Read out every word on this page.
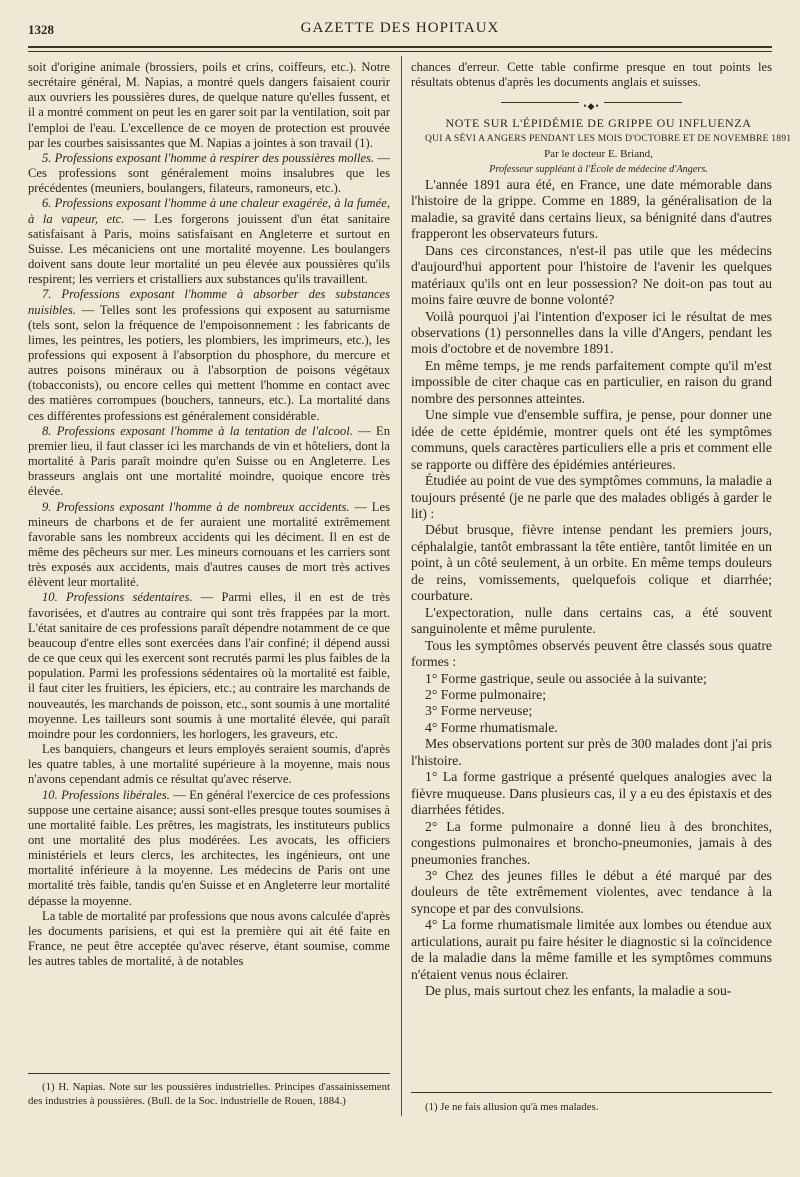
1328	GAZETTE DES HOPITAUX

soit d'origine animale (brossiers, poils et crins, coiffeurs, etc.). Notre secrétaire général, M. Napias, a montré quels dangers faisaient courir aux ouvriers les poussières dures, de quelque nature qu'elles fussent, et il a montré comment on peut les en garer soit par la ventilation, soit par l'emploi de l'eau. L'excellence de ce moyen de protection est prouvée par les courbes saisissantes que M. Napias a jointes à son travail (1).

5. Professions exposant l'homme à respirer des poussières molles. — Ces professions sont généralement moins insalubres que les précédentes (meuniers, boulangers, filateurs, ramoneurs, etc.).

6. Professions exposant l'homme à une chaleur exagérée, à la fumée, à la vapeur, etc. — Les forgerons jouissent d'un état sanitaire satisfaisant à Paris, moins satisfaisant en Angleterre et surtout en Suisse. Les mécaniciens ont une mortalité moyenne. Les boulangers doivent sans doute leur mortalité un peu élevée aux poussières qu'ils respirent; les verriers et cristalliers aux substances qu'ils travaillent.

7. Professions exposant l'homme à absorber des substances nuisibles. — Telles sont les professions qui exposent au saturnisme (tels sont, selon la fréquence de l'empoisonnement : les fabricants de limes, les peintres, les potiers, les plombiers, les imprimeurs, etc.), les professions qui exposent à l'absorption du phosphore, du mercure et autres poisons minéraux ou à l'absorption de poisons végétaux (tobacconists), ou encore celles qui mettent l'homme en contact avec des matières corrompues (bouchers, tanneurs, etc.). La mortalité dans ces différentes professions est généralement considérable.

8. Professions exposant l'homme à la tentation de l'alcool. — En premier lieu, il faut classer ici les marchands de vin et hôteliers, dont la mortalité à Paris paraît moindre qu'en Suisse ou en Angleterre. Les brasseurs anglais ont une mortalité moindre, quoique encore très élevée.

9. Professions exposant l'homme à de nombreux accidents. — Les mineurs de charbons et de fer auraient une mortalité extrêmement favorable sans les nombreux accidents qui les déciment. Il en est de même des pêcheurs sur mer. Les mineurs cornouans et les carriers sont très exposés aux accidents, mais d'autres causes de mort très actives élèvent leur mortalité.

10. Professions sédentaires. — Parmi elles, il en est de très favorisées, et d'autres au contraire qui sont très frappées par la mort. L'état sanitaire de ces professions paraît dépendre notamment de ce que beaucoup d'entre elles sont exercées dans l'air confiné; il dépend aussi de ce que ceux qui les exercent sont recrutés parmi les plus faibles de la population. Parmi les professions sédentaires où la mortalité est faible, il faut citer les fruitiers, les épiciers, etc.; au contraire les marchands de nouveautés, les marchands de poisson, etc., sont soumis à une mortalité moyenne. Les tailleurs sont soumis à une mortalité élevée, qui paraît moindre pour les cordonniers, les horlogers, les graveurs, etc.

Les banquiers, changeurs et leurs employés seraient soumis, d'après les quatre tables, à une mortalité supérieure à la moyenne, mais nous n'avons cependant admis ce résultat qu'avec réserve.

10. Professions libérales. — En général l'exercice de ces professions suppose une certaine aisance; aussi sont-elles presque toutes soumises à une mortalité faible. Les prêtres, les magistrats, les instituteurs publics ont une mortalité des plus modérées. Les avocats, les officiers ministériels et leurs clercs, les architectes, les ingénieurs, ont une mortalité inférieure à la moyenne. Les médecins de Paris ont une mortalité très faible, tandis qu'en Suisse et en Angleterre leur mortalité dépasse la moyenne.

La table de mortalité par professions que nous avons calculée d'après les documents parisiens, et qui est la première qui ait été faite en France, ne peut être acceptée qu'avec réserve, étant soumise, comme les autres tables de mortalité, à de notables

(1) H. Napias. Note sur les poussières industrielles. Principes d'assainissement des industries à poussières. (Bull. de la Soc. industrielle de Rouen, 1884.)

chances d'erreur. Cette table confirme presque en tout points les résultats obtenus d'après les documents anglais et suisses.

•◆•

NOTE SUR L'ÉPIDÉMIE DE GRIPPE OU INFLUENZA

QUI A SÉVI A ANGERS PENDANT LES MOIS D'OCTOBRE ET DE NOVEMBRE 1891

Par le docteur E. Briand,

Professeur suppléant à l'École de médecine d'Angers.

L'année 1891 aura été, en France, une date mémorable dans l'histoire de la grippe. Comme en 1889, la généralisation de la maladie, sa gravité dans certains lieux, sa bénignité dans d'autres frapperont les observateurs futurs.

Dans ces circonstances, n'est-il pas utile que les médecins d'aujourd'hui apportent pour l'histoire de l'avenir les quelques matériaux qu'ils ont en leur possession? Ne doit-on pas tout au moins faire œuvre de bonne volonté?

Voilà pourquoi j'ai l'intention d'exposer ici le résultat de mes observations (1) personnelles dans la ville d'Angers, pendant les mois d'octobre et de novembre 1891.

En même temps, je me rends parfaitement compte qu'il m'est impossible de citer chaque cas en particulier, en raison du grand nombre des personnes atteintes.

Une simple vue d'ensemble suffira, je pense, pour donner une idée de cette épidémie, montrer quels ont été les symptômes communs, quels caractères particuliers elle a pris et comment elle se rapporte ou diffère des épidémies antérieures.

Étudiée au point de vue des symptômes communs, la maladie a toujours présenté (je ne parle que des malades obligés à garder le lit) :

Début brusque, fièvre intense pendant les premiers jours, céphalalgie, tantôt embrassant la tête entière, tantôt limitée en un point, à un côté seulement, à un orbite. En même temps douleurs de reins, vomissements, quelquefois colique et diarrhée; courbature.

L'expectoration, nulle dans certains cas, a été souvent sanguinolente et même purulente.

Tous les symptômes observés peuvent être classés sous quatre formes :

1° Forme gastrique, seule ou associée à la suivante;

2° Forme pulmonaire;

3° Forme nerveuse;

4° Forme rhumatismale.

Mes observations portent sur près de 300 malades dont j'ai pris l'histoire.

1° La forme gastrique a présenté quelques analogies avec la fièvre muqueuse. Dans plusieurs cas, il y a eu des épistaxis et des diarrhées fétides.

2° La forme pulmonaire a donné lieu à des bronchites, congestions pulmonaires et broncho-pneumonies, jamais à des pneumonies franches.

3° Chez des jeunes filles le début a été marqué par des douleurs de tête extrêmement violentes, avec tendance à la syncope et par des convulsions.

4° La forme rhumatismale limitée aux lombes ou étendue aux articulations, aurait pu faire hésiter le diagnostic si la coïncidence de la maladie dans la même famille et les symptômes communs n'étaient venus nous éclairer.

De plus, mais surtout chez les enfants, la maladie a sou-

(1) Je ne fais allusion qu'à mes malades.
